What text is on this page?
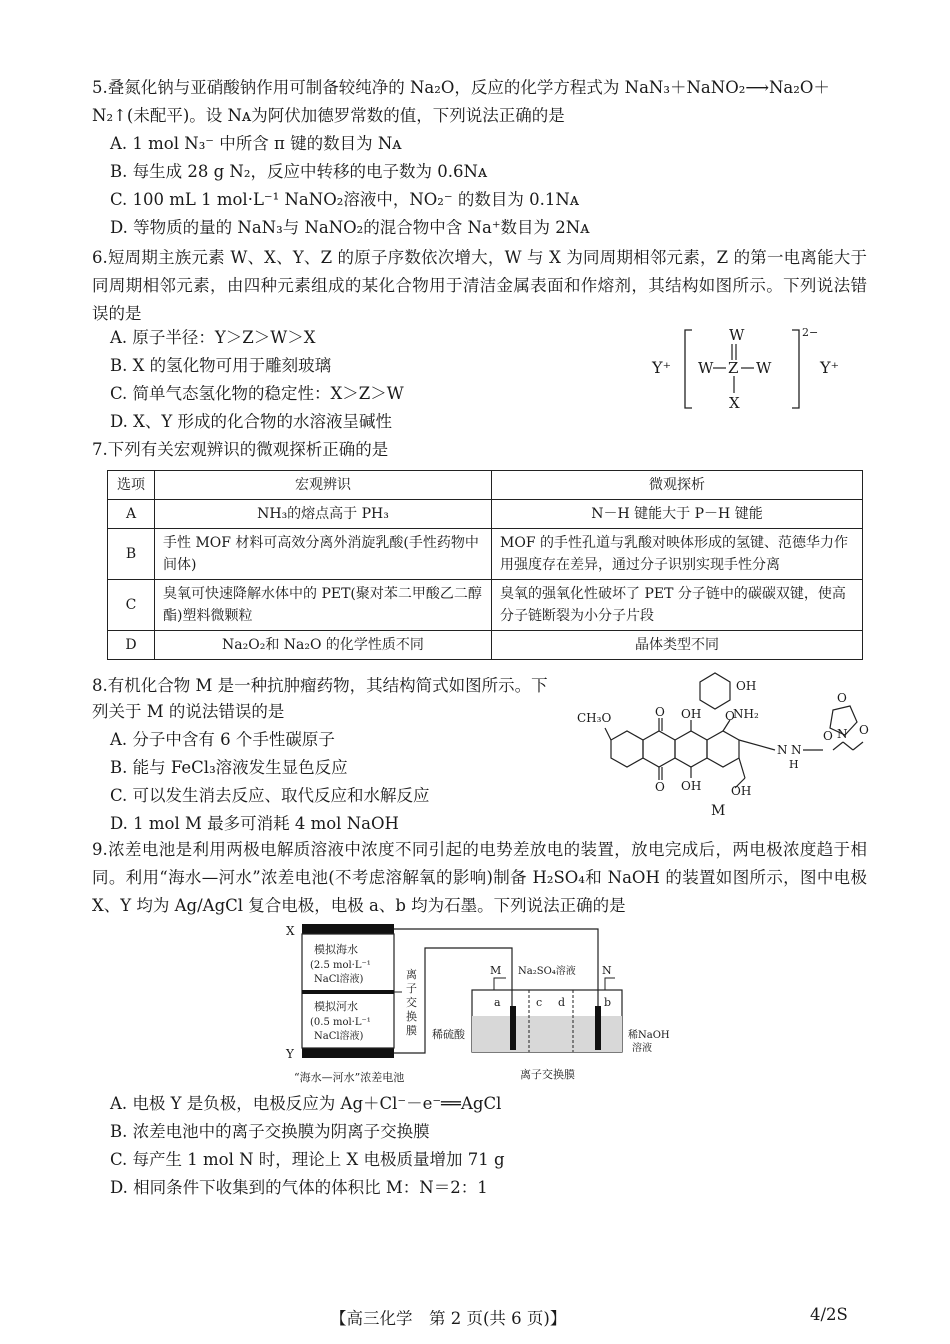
5.叠氮化钠与亚硝酸钠作用可制备较纯净的 Na₂O，反应的化学方程式为 NaN₃＋NaNO₂⟶Na₂O＋
N₂↑(未配平)。设 Nᴀ为阿伏加德罗常数的值，下列说法正确的是
A. 1 mol N₃⁻ 中所含 π 键的数目为 Nᴀ
B. 每生成 28 g N₂，反应中转移的电子数为 0.6Nᴀ
C. 100 mL 1 mol·L⁻¹ NaNO₂溶液中，NO₂⁻ 的数目为 0.1Nᴀ
D. 等物质的量的 NaN₃与 NaNO₂的混合物中含 Na⁺数目为 2Nᴀ
6.短周期主族元素 W、X、Y、Z 的原子序数依次增大，W 与 X 为同周期相邻元素，Z 的第一电离能大于同周期相邻元素，由四种元素组成的某化合物用于清洁金属表面和作熔剂，其结构如图所示。下列说法错误的是
A. 原子半径：Y＞Z＞W＞X
B. X 的氢化物可用于雕刻玻璃
C. 简单气态氢化物的稳定性：X＞Z＞W
D. X、Y 形成的化合物的水溶液呈碱性
Y⁺
2−
Y⁺
W
W Z W
X
7.下列有关宏观辨识的微观探析正确的是
选项	宏观辨识	微观探析
A	NH₃的熔点高于 PH₃	N－H 键能大于 P－H 键能
B	手性 MOF 材料可高效分离外消旋乳酸(手性药物中间体)	MOF 的手性孔道与乳酸对映体形成的氢键、范德华力作用强度存在差异，通过分子识别实现手性分离
C	臭氧可快速降解水体中的 PET(聚对苯二甲酸乙二醇酯)塑料微颗粒	臭氧的强氧化性破坏了 PET 分子链中的碳碳双键，使高分子链断裂为小分子片段
D	Na₂O₂和 Na₂O 的化学性质不同	晶体类型不同
8.有机化合物 M 是一种抗肿瘤药物，其结构简式如图所示。下
列关于 M 的说法错误的是
A. 分子中含有 6 个手性碳原子
B. 能与 FeCl₃溶液发生显色反应
C. 可以发生消去反应、取代反应和水解反应
D. 1 mol M 最多可消耗 4 mol NaOH
CH₃O	O
O
OH
OH
OH
OH
O
NH₂
N N
H
O N
O
O
M
9.浓差电池是利用两极电解质溶液中浓度不同引起的电势差放电的装置，放电完成后，两电极浓度趋于相同。利用“海水—河水”浓差电池(不考虑溶解氧的影响)制备 H₂SO₄和 NaOH 的装置如图所示，图中电极 X、Y 均为 Ag/AgCl 复合电极，电极 a、b 均为石墨。下列说法正确的是
X
Y
模拟海水
(2.5 mol·L⁻¹
NaCl溶液)
模拟河水
(0.5 mol·L⁻¹
NaCl溶液)
离
子
交
换
膜
“海水—河水”浓差电池
M	N
Na₂SO₄溶液
a	b
c d
稀硫酸	稀NaOH
溶液
离子交换膜
A. 电极 Y 是负极，电极反应为 Ag＋Cl⁻－e⁻══AgCl
B. 浓差电池中的离子交换膜为阴离子交换膜
C. 每产生 1 mol N 时，理论上 X 电极质量增加 71 g
D. 相同条件下收集到的气体的体积比 M：N＝2：1
【高三化学　第 2 页(共 6 页)】	4/2S
